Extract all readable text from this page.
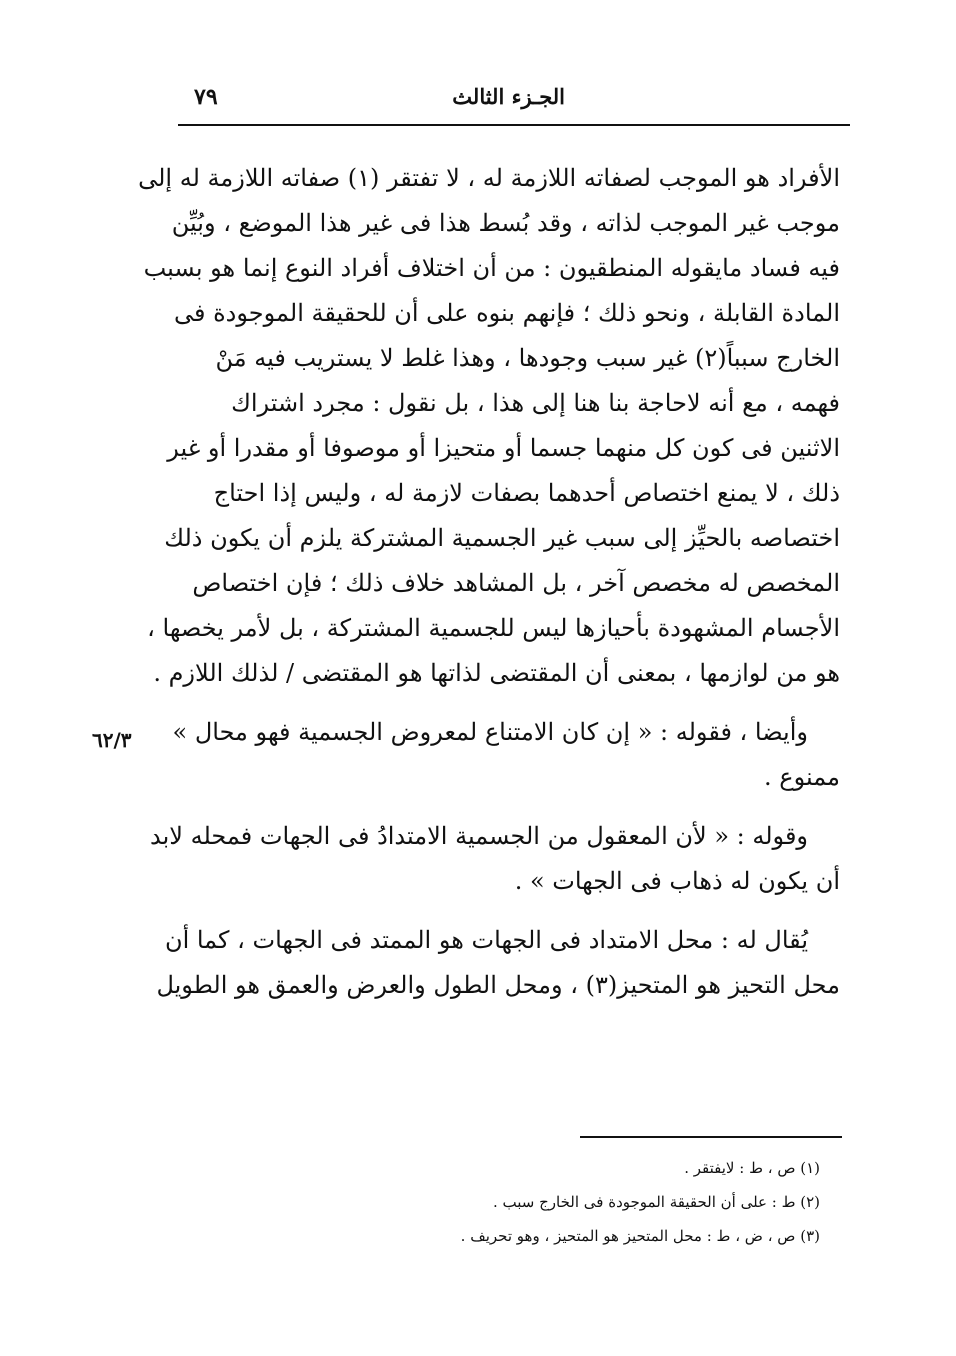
الجـزء الثالث
٧٩
الأفراد هو الموجب لصفاته اللازمة له ، لا تفتقر (١) صفاته اللازمة له إلى
موجب غير الموجب لذاته ، وقد بُسط هذا فى غير هذا الموضع ، وبُيِّن
فيه فساد مايقوله المنطقيون : من أن اختلاف أفراد النوع إنما هو بسبب
المادة القابلة ، ونحو ذلك ؛ فإنهم بنوه على أن للحقيقة الموجودة فى
الخارج سبباً(٢) غير سبب وجودها ، وهذا غلط لا يستريب فيه مَنْ
فهمه ، مع أنه لاحاجة بنا هنا إلى هذا ، بل نقول : مجرد اشتراك
الاثنين فى كون كل منهما جسما أو متحيزا أو موصوفا أو مقدرا أو غير
ذلك ، لا يمنع اختصاص أحدهما بصفات لازمة له ، وليس إذا احتاج
اختصاصه بالحيِّز إلى سبب غير الجسمية المشتركة يلزم أن يكون ذلك
المخصص له مخصص آخر ، بل المشاهد خلاف ذلك ؛ فإن اختصاص
الأجسام المشهودة بأحيازها ليس للجسمية المشتركة ، بل لأمر يخصها ،
هو من لوازمها ، بمعنى أن المقتضى لذاتها هو المقتضى / لذلك اللازم .
وأيضا ، فقوله : « إن كان الامتناع لمعروض الجسمية فهو محال »
ممنوع .
وقوله : « لأن المعقول من الجسمية الامتدادُ فى الجهات فمحله لابد
أن يكون له ذهاب فى الجهات » .
يُقال له : محل الامتداد فى الجهات هو الممتد فى الجهات ، كما أن
محل التحيز هو المتحيز(٣) ، ومحل الطول والعرض والعمق هو الطويل
٦٢/٣
(١) ص ، ط : لايفتقر .
(٢) ط : على أن الحقيقة الموجودة فى الخارج سبب .
(٣) ص ، ض ، ط : محل المتحيز هو المتحيز ، وهو تحريف .
